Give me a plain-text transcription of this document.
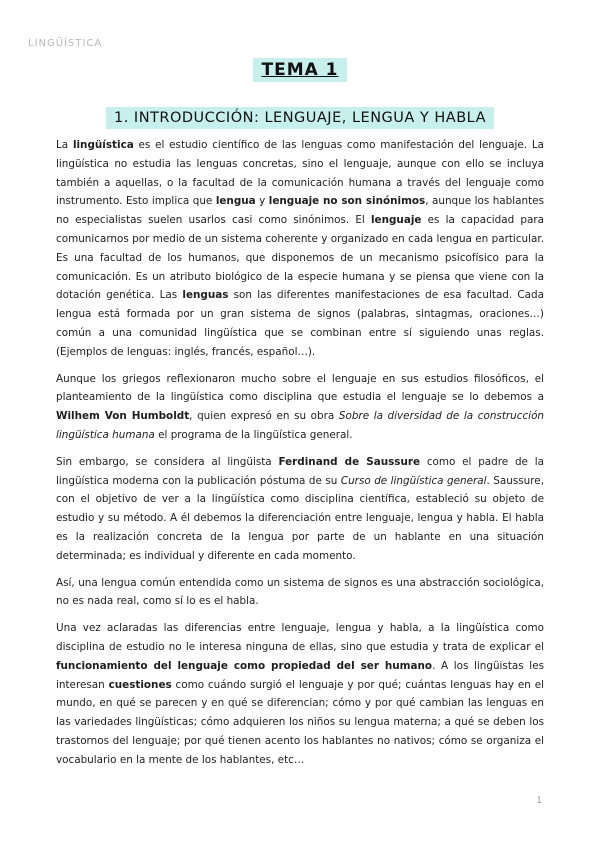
LINGÜÍSTICA
TEMA 1
1. INTRODUCCIÓN: LENGUAJE, LENGUA Y HABLA

La lingüística es el estudio científico de las lenguas como manifestación del lenguaje. La lingüística no estudia las lenguas concretas, sino el lenguaje, aunque con ello se incluya también a aquellas, o la facultad de la comunicación humana a través del lenguaje como instrumento. Esto implica que lengua y lenguaje no son sinónimos, aunque los hablantes no especialistas suelen usarlos casi como sinónimos. El lenguaje es la capacidad para comunicarnos por medio de un sistema coherente y organizado en cada lengua en particular. Es una facultad de los humanos, que disponemos de un mecanismo psicofísico para la comunicación. Es un atributo biológico de la especie humana y se piensa que viene con la dotación genética. Las lenguas son las diferentes manifestaciones de esa facultad. Cada lengua está formada por un gran sistema de signos (palabras, sintagmas, oraciones…) común a una comunidad lingüística que se combinan entre sí siguiendo unas reglas. (Ejemplos de lenguas: inglés, francés, español…).

Aunque los griegos reflexionaron mucho sobre el lenguaje en sus estudios filosóficos, el planteamiento de la lingüística como disciplina que estudia el lenguaje se lo debemos a Wilhem Von Humboldt, quien expresó en su obra Sobre la diversidad de la construcción lingüística humana el programa de la lingüística general.

Sin embargo, se considera al lingüista Ferdinand de Saussure como el padre de la lingüística moderna con la publicación póstuma de su Curso de lingüística general. Saussure, con el objetivo de ver a la lingüística como disciplina científica, estableció su objeto de estudio y su método. A él debemos la diferenciación entre lenguaje, lengua y habla. El habla es la realización concreta de la lengua por parte de un hablante en una situación determinada; es individual y diferente en cada momento.

Así, una lengua común entendida como un sistema de signos es una abstracción sociológica, no es nada real, como sí lo es el habla.

Una vez aclaradas las diferencias entre lenguaje, lengua y habla, a la lingüística como disciplina de estudio no le interesa ninguna de ellas, sino que estudia y trata de explicar el funcionamiento del lenguaje como propiedad del ser humano. A los lingüistas les interesan cuestiones como cuándo surgió el lenguaje y por qué; cuántas lenguas hay en el mundo, en qué se parecen y en qué se diferencian; cómo y por qué cambian las lenguas en las variedades lingüísticas; cómo adquieren los niños su lengua materna; a qué se deben los trastornos del lenguaje; por qué tienen acento los hablantes no nativos; cómo se organiza el vocabulario en la mente de los hablantes, etc…

1
